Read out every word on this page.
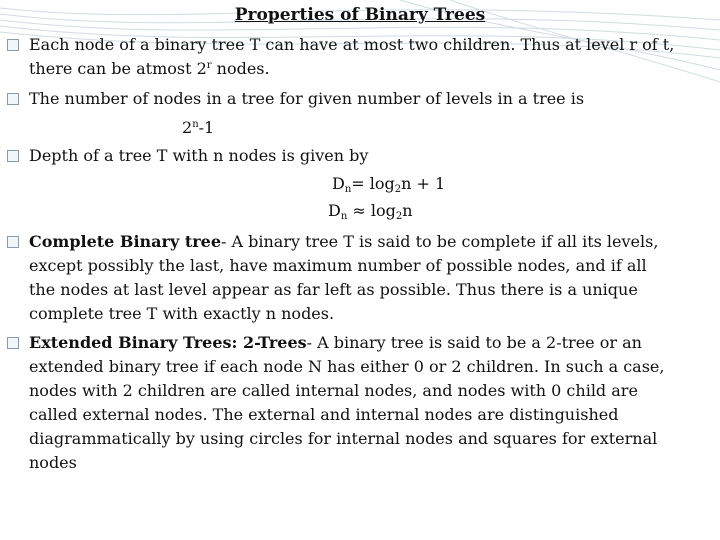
Properties of Binary Trees
Each node of a binary tree T can have at most two children. Thus at level r of t,
there can be atmost 2$^r$ nodes.
The number of nodes in a tree for given number of levels in a tree is
2$^n$-1
Depth of a tree T with n nodes is given by
$D_n= \log_2n + 1$
$D_n \approx \log_2n$
Complete Binary tree- A binary tree T is said to be complete if all its levels,
except possibly the last, have maximum number of possible nodes, and if all
the nodes at last level appear as far left as possible. Thus there is a unique
complete tree T with exactly n nodes.
Extended Binary Trees: 2-Trees- A binary tree is said to be a 2-tree or an
extended binary tree if each node N has either 0 or 2 children. In such a case,
nodes with 2 children are called internal nodes, and nodes with 0 child are
called external nodes. The external and internal nodes are distinguished
diagrammatically by using circles for internal nodes and squares for external
nodes
